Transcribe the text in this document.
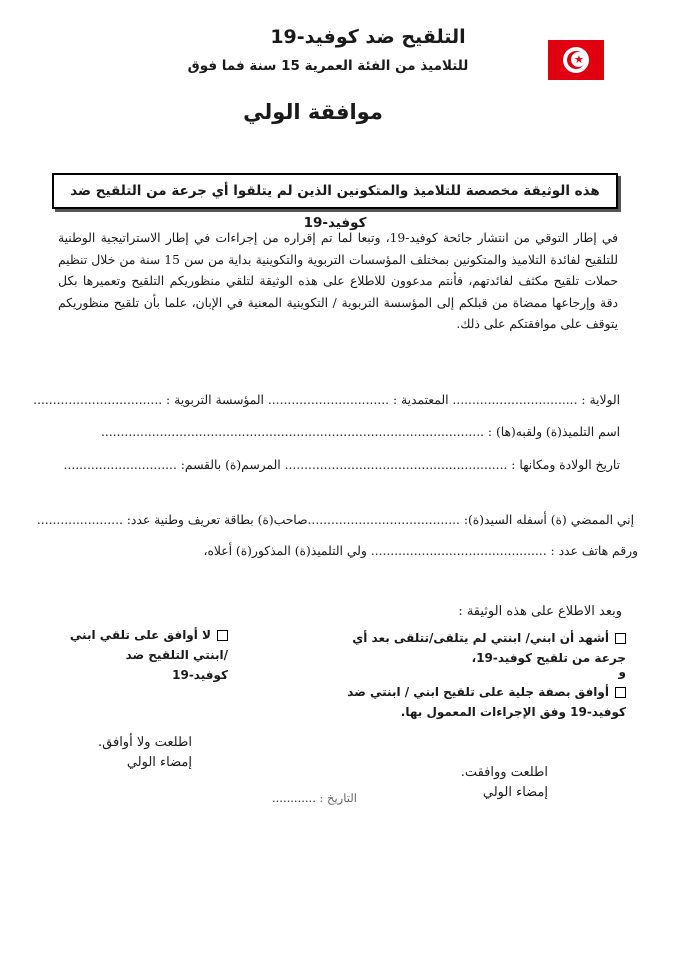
★
التلقيح ضد كوفيد-19
للتلاميذ من الفئة العمرية 15 سنة فما فوق
موافقة الولي
هذه الوثيقة مخصصة للتلاميذ والمتكونين الذين لم يتلقوا أي جرعة من التلقيح ضد كوفيد-19
في إطار التوقي من انتشار جائحة كوفيد-19، وتبعا لما تم إقراره من إجراءات في إطار الاستراتيجية الوطنية للتلقيح لفائدة التلاميذ والمتكونين بمختلف المؤسسات التربوية والتكوينية بداية من سن 15 سنة من خلال تنظيم حملات تلقيح مكثف لفائدتهم، فأنتم مدعوون للاطلاع على هذه الوثيقة لتلقي منظوريكم التلقيح وتعميرها بكل دقة وإرجاعها ممضاة من قبلكم إلى المؤسسة التربوية / التكوينية المعنية في الإبان، علما بأن تلقيح منظوريكم يتوقف على موافقتكم على ذلك.
الولاية : ................................ المعتمدية : ............................... المؤسسة التربوية : .................................
اسم التلميذ(ة) ولقبه(ها) : ..................................................................................................
تاريخ الولادة ومكانها : ......................................................... المرسم(ة) بالقسم: .............................
إني الممضي (ة) أسفله السيد(ة): .......................................صاحب(ة) بطاقة تعريف وطنية عدد: ......................
ورقم هاتف عدد : ............................................. ولي التلميذ(ة) المذكور(ة) أعلاه،
وبعد الاطلاع على هذه الوثيقة :
أشهد أن ابني/ ابنتي لم يتلقى/تتلقى بعد أي جرعة من تلقيح كوفيد-19،
و
أوافق بصفة جلية على تلقيح ابني / ابنتي ضد كوفيد-19 وفق الإجراءات المعمول بها.
لا أوافق على تلقي ابني /ابنتي التلقيح ضد كوفيد-19
اطلعت ووافقت.
إمضاء الولي
اطلعت ولا أوافق.
إمضاء الولي
التاريخ : ............
